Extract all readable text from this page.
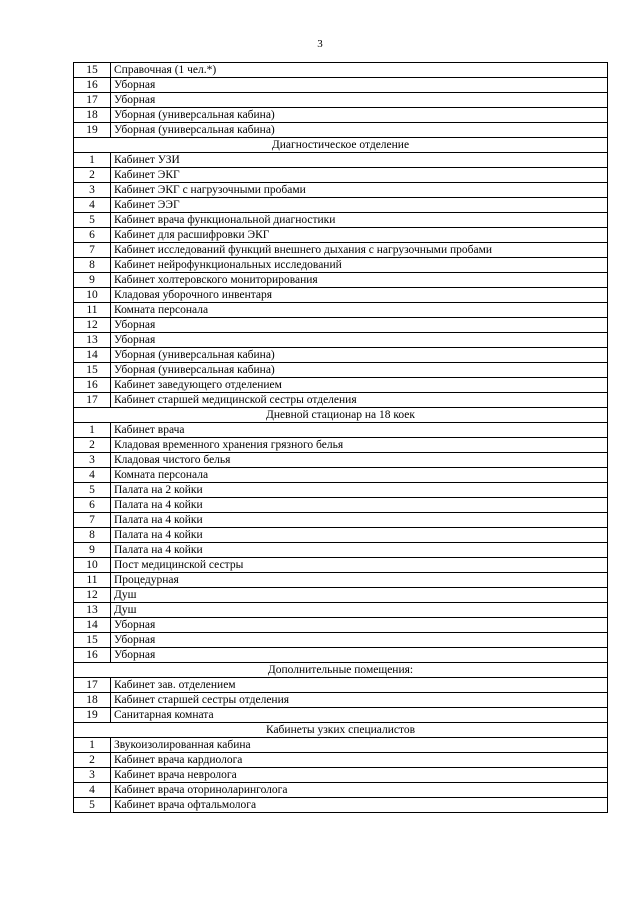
3
15	Справочная (1 чел.*)
16	Уборная
17	Уборная
18	Уборная (универсальная кабина)
19	Уборная (универсальная кабина)
Диагностическое отделение	
1	Кабинет УЗИ
2	Кабинет ЭКГ
3	Кабинет ЭКГ с нагрузочными пробами
4	Кабинет ЭЭГ
5	Кабинет врача функциональной диагностики
6	Кабинет для расшифровки ЭКГ
7	Кабинет исследований функций внешнего дыхания с нагрузочными пробами
8	Кабинет нейрофункциональных исследований
9	Кабинет холтеровского мониторирования
10	Кладовая уборочного инвентаря
11	Комната персонала
12	Уборная
13	Уборная
14	Уборная (универсальная кабина)
15	Уборная (универсальная кабина)
16	Кабинет заведующего отделением
17	Кабинет старшей медицинской сестры отделения
Дневной стационар на 18 коек	
1	Кабинет врача
2	Кладовая временного хранения грязного белья
3	Кладовая чистого белья
4	Комната персонала
5	Палата на 2 койки
6	Палата на 4 койки
7	Палата на 4 койки
8	Палата на 4 койки
9	Палата на 4 койки
10	Пост медицинской сестры
11	Процедурная
12	Душ
13	Душ
14	Уборная
15	Уборная
16	Уборная
Дополнительные помещения:	
17	Кабинет зав. отделением
18	Кабинет старшей сестры отделения
19	Санитарная комната
Кабинеты узких специалистов	
1	Звукоизолированная кабина
2	Кабинет врача кардиолога
3	Кабинет врача невролога
4	Кабинет врача оториноларинголога
5	Кабинет врача офтальмолога
